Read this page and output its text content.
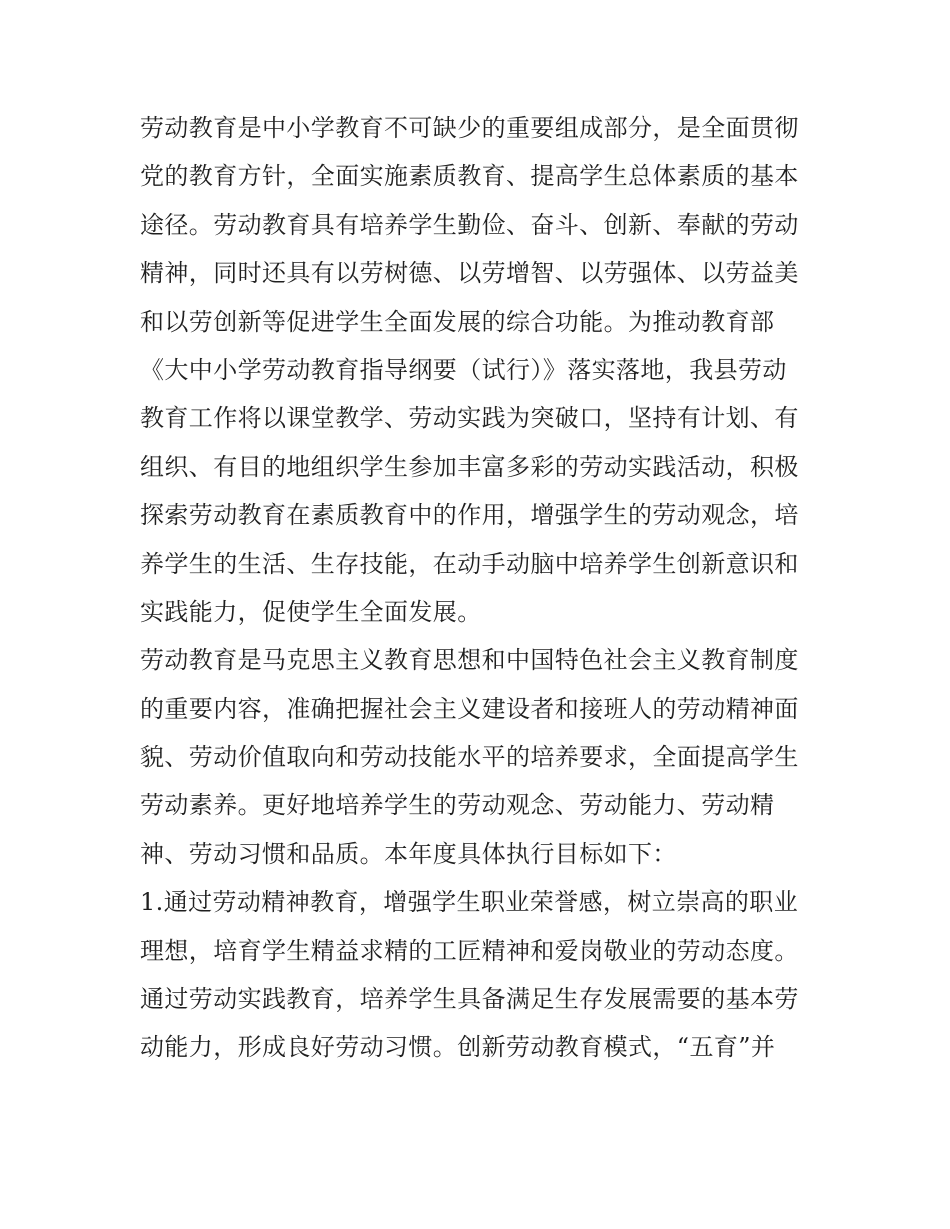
劳动教育是中小学教育不可缺少的重要组成部分，是全面贯彻
党的教育方针，全面实施素质教育、提高学生总体素质的基本
途径。劳动教育具有培养学生勤俭、奋斗、创新、奉献的劳动
精神，同时还具有以劳树德、以劳增智、以劳强体、以劳益美
和以劳创新等促进学生全面发展的综合功能。为推动教育部
《大中小学劳动教育指导纲要（试行）》落实落地，我县劳动
教育工作将以课堂教学、劳动实践为突破口，坚持有计划、有
组织、有目的地组织学生参加丰富多彩的劳动实践活动，积极
探索劳动教育在素质教育中的作用，增强学生的劳动观念，培
养学生的生活、生存技能，在动手动脑中培养学生创新意识和
实践能力，促使学生全面发展。
劳动教育是马克思主义教育思想和中国特色社会主义教育制度
的重要内容，准确把握社会主义建设者和接班人的劳动精神面
貌、劳动价值取向和劳动技能水平的培养要求，全面提高学生
劳动素养。更好地培养学生的劳动观念、劳动能力、劳动精
神、劳动习惯和品质。本年度具体执行目标如下：
1.通过劳动精神教育，增强学生职业荣誉感，树立崇高的职业
理想，培育学生精益求精的工匠精神和爱岗敬业的劳动态度。
通过劳动实践教育，培养学生具备满足生存发展需要的基本劳
动能力，形成良好劳动习惯。创新劳动教育模式，“五育”并
